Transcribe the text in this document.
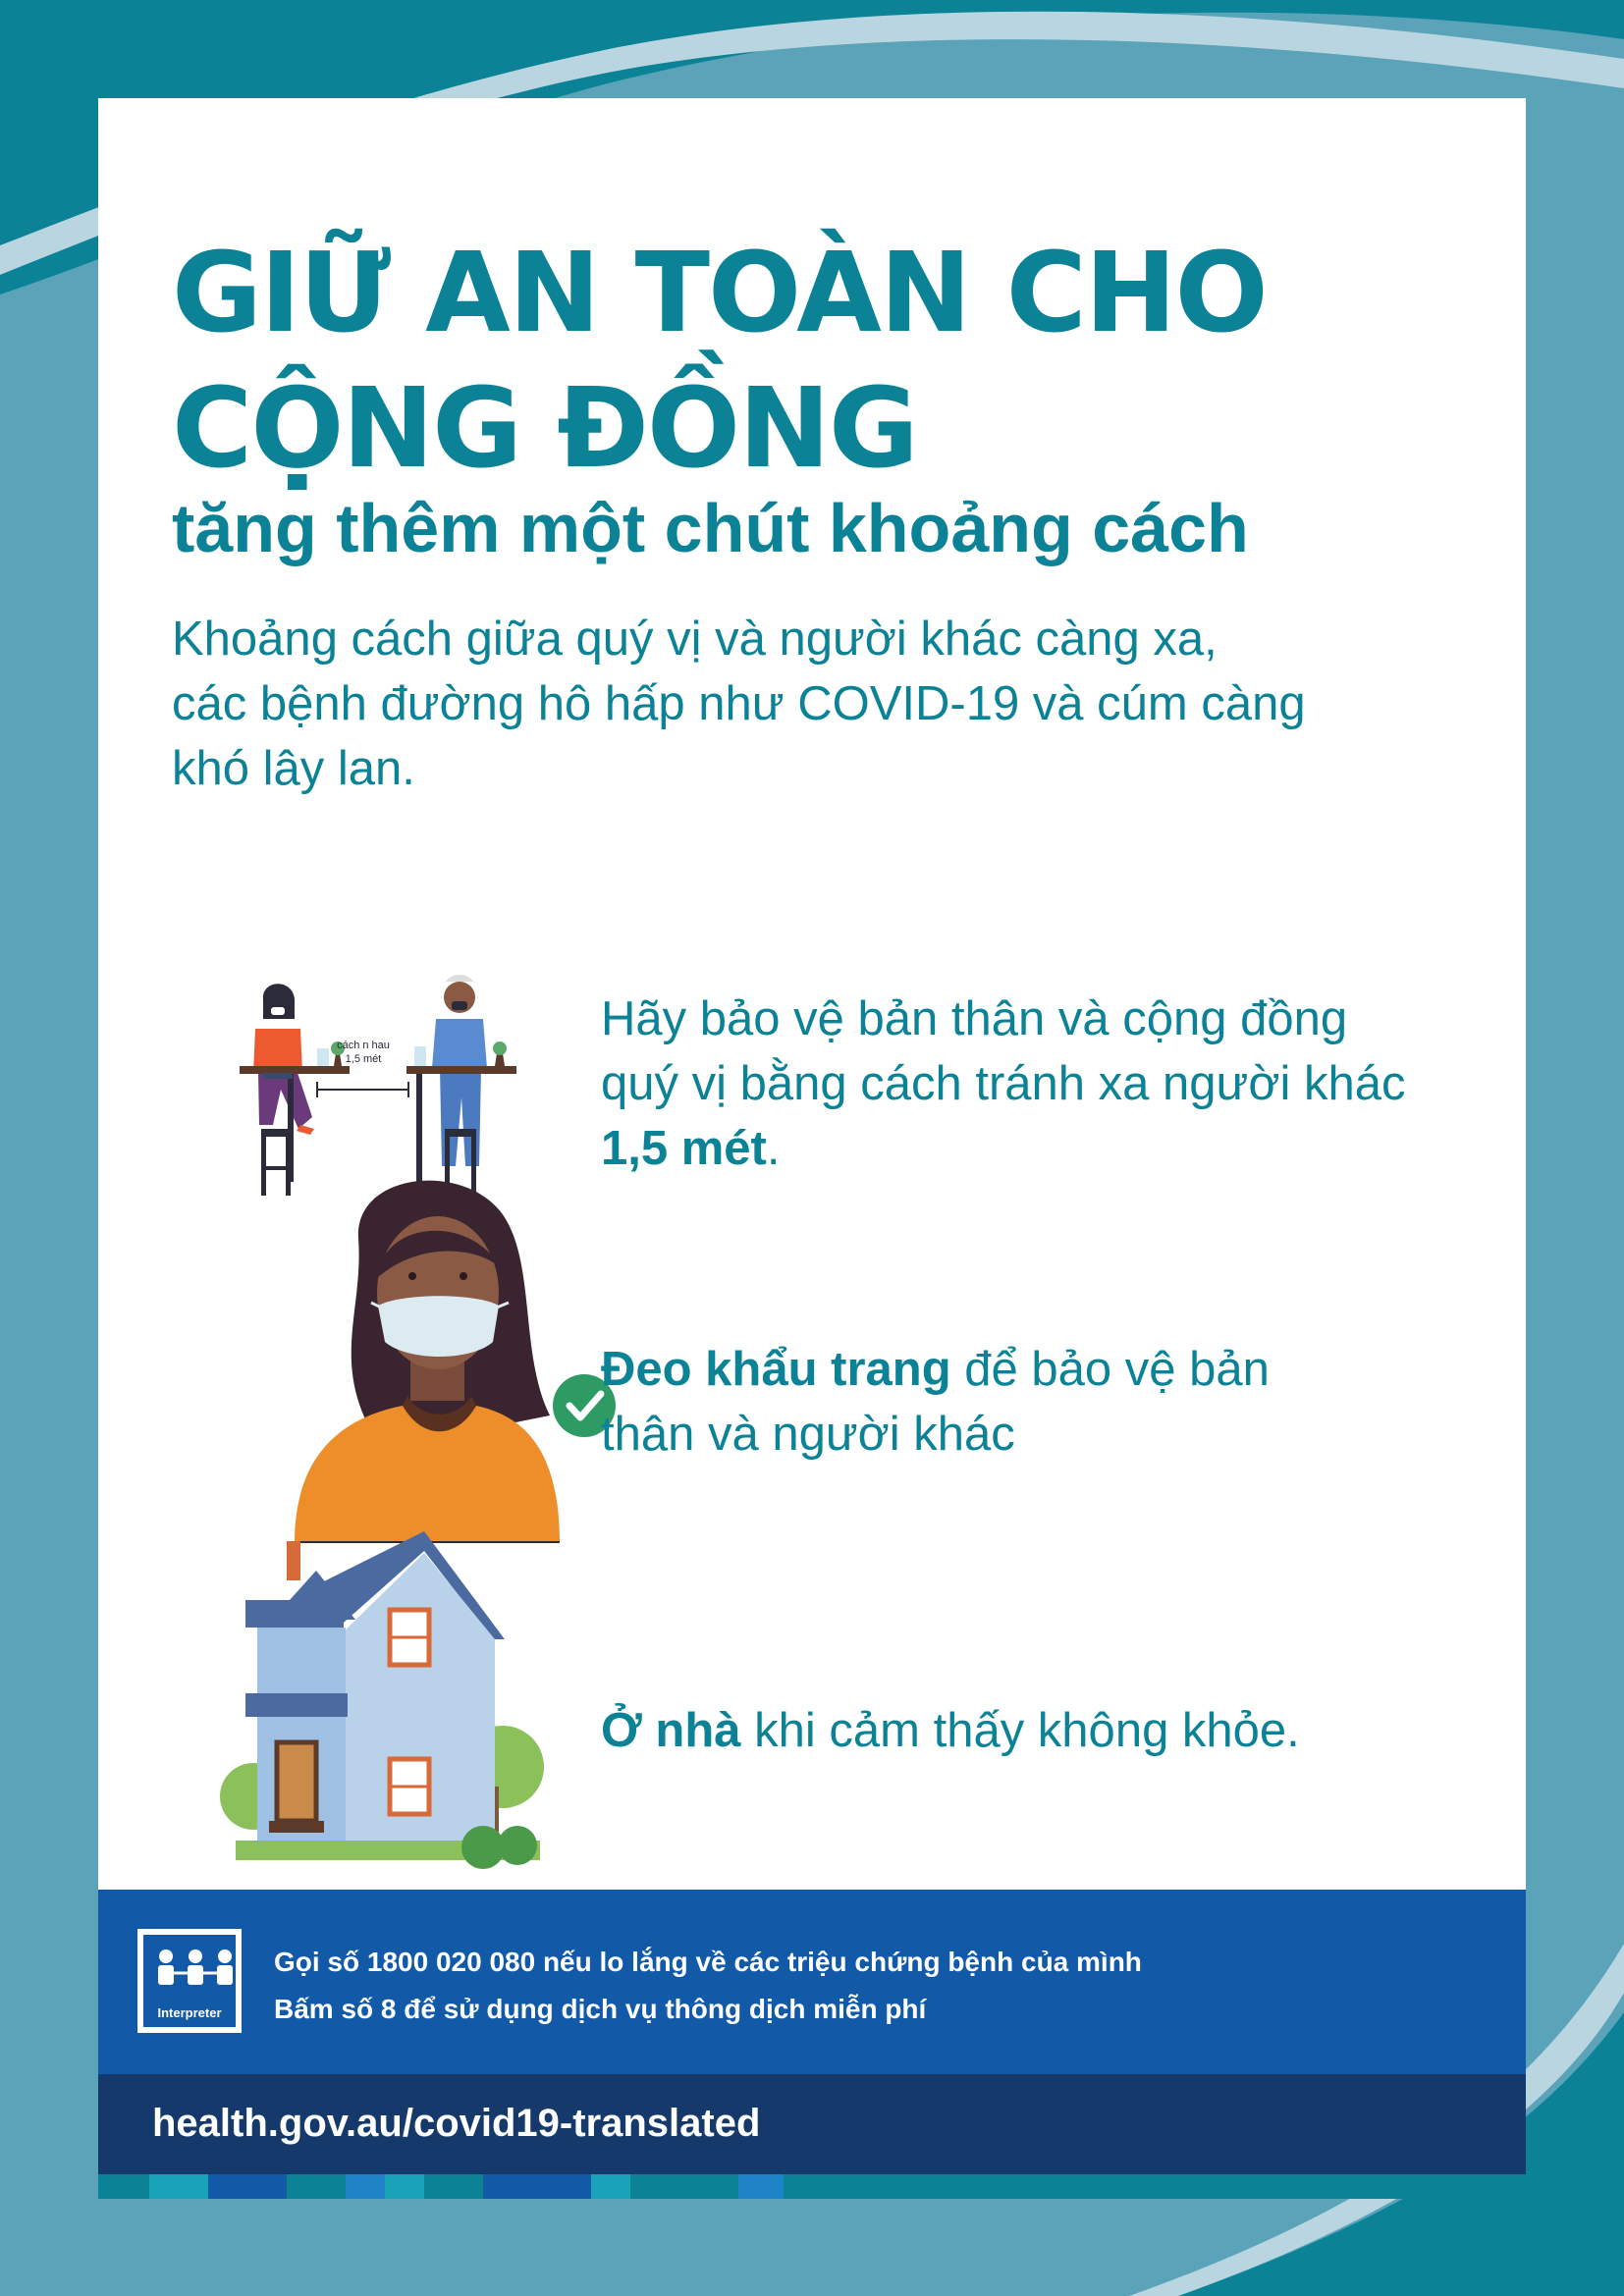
GIỮ AN TOÀN CHO
CỘNG ĐỒNG
tăng thêm một chút khoảng cách

Khoảng cách giữa quý vị và người khác càng xa,
các bệnh đường hô hấp như COVID-19 và cúm càng
khó lây lan.

cách n hau
1,5 mét

Hãy bảo vệ bản thân và cộng đồng
quý vị bằng cách tránh xa người khác
1,5 mét.

Đeo khẩu trang để bảo vệ bản
thân và người khác

Ở nhà khi cảm thấy không khỏe.

Interpreter
Gọi số 1800 020 080 nếu lo lắng về các triệu chứng bệnh của mình
Bấm số 8 để sử dụng dịch vụ thông dịch miễn phí
health.gov.au/covid19-translated
